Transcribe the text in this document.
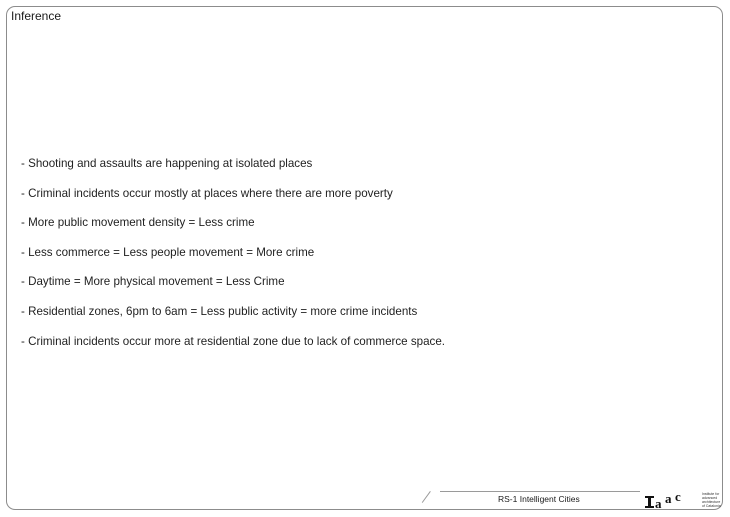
Inference
- Shooting and assaults are happening at isolated places
- Criminal incidents occur mostly at places where there are more poverty
- More public movement density = Less crime
- Less commerce = Less people movement = More crime
- Daytime = More physical movement = Less Crime
- Residential zones, 6pm to 6am = Less public activity = more crime incidents
- Criminal incidents occur more at residential zone due to lack of commerce space.
RS-1 Intelligent Cities	a a c	Institute for advanced architecture of Catalonia
